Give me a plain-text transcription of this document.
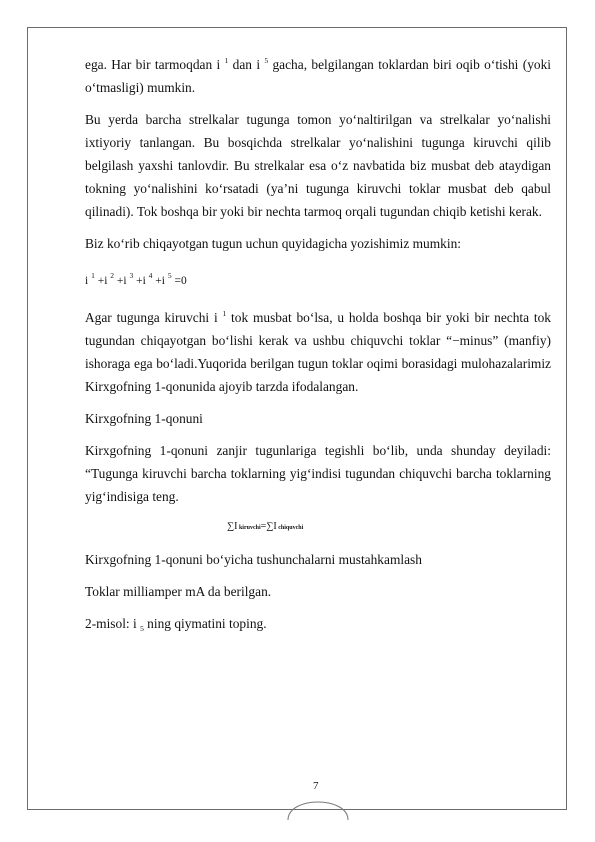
ega. Har bir tarmoqdan i $^1$ dan i $^5$ gacha, belgilangan toklardan biri oqib o‘tishi (yoki o‘tmasligi) mumkin.

Bu yerda barcha strelkalar tugunga tomon yo‘naltirilgan va strelkalar yo‘nalishi ixtiyoriy tanlangan. Bu bosqichda strelkalar yo‘nalishini tugunga kiruvchi qilib belgilash yaxshi tanlovdir. Bu strelkalar esa o‘z navbatida biz musbat deb ataydigan tokning yo‘nalishini ko‘rsatadi (ya’ni tugunga kiruvchi toklar musbat deb qabul qilinadi). Tok boshqa bir yoki bir nechta tarmoq orqali tugundan chiqib ketishi kerak.

Biz ko‘rib chiqayotgan tugun uchun quyidagicha yozishimiz mumkin:

i $^1$ +i $^2$ +i $^3$ +i $^4$ +i $^5$ =0

Agar tugunga kiruvchi i $^1$ tok musbat bo‘lsa, u holda boshqa bir yoki bir nechta tok tugundan chiqayotgan bo‘lishi kerak va ushbu chiquvchi toklar “−minus” (manfiy) ishoraga ega bo‘ladi.Yuqorida berilgan tugun toklar oqimi borasidagi mulohazalarimiz Kirxgofning 1-qonunida ajoyib tarzda ifodalangan.

Kirxgofning 1-qonuni

Kirxgofning 1-qonuni zanjir tugunlariga tegishli bo‘lib, unda shunday deyiladi: “Tugunga kiruvchi barcha toklarning yig‘indisi tugundan chiquvchi barcha toklarning yig‘indisiga teng.

∑I kiruvchi=∑I chiquvchi

Kirxgofning 1-qonuni bo‘yicha tushunchalarni mustahkamlash

Toklar milliamper mA da berilgan.

2-misol: i $_5$ ning qiymatini toping.

7
